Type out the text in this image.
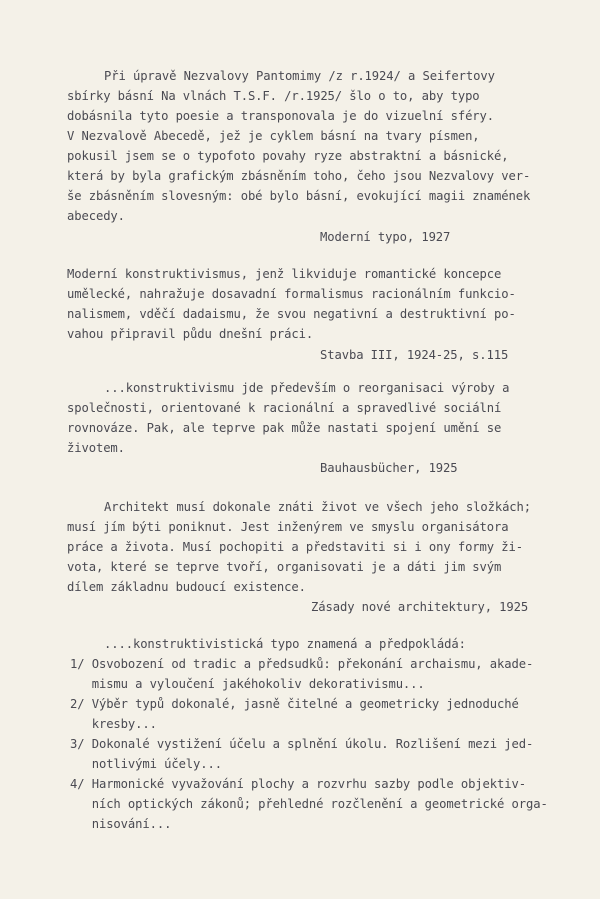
Při úpravě Nezvalovy Pantomimy /z r.1924/ a Seifertovy
sbírky básní Na vlnách T.S.F. /r.1925/ šlo o to, aby typo
dobásnila tyto poesie a transponovala je do vizuelní sféry.
V Nezvalově Abecedě, jež je cyklem básní na tvary písmen,
pokusil jsem se o typofoto povahy ryze abstraktní a básnické,
která by byla grafickým zbásněním toho, čeho jsou Nezvalovy ver-
še zbásněním slovesným: obé bylo básní, evokující magii znamének
abecedy.
Moderní typo, 1927
Moderní konstruktivismus, jenž likviduje romantické koncepce
umělecké, nahražuje dosavadní formalismus racionálním funkcio-
nalismem, vděčí dadaismu, že svou negativní a destruktivní po-
vahou připravil půdu dnešní práci.
Stavba III, 1924-25, s.115
...konstruktivismu jde především o reorganisaci výroby a
společnosti, orientované k racionální a spravedlivé sociální
rovnováze. Pak, ale teprve pak může nastati spojení umění se
životem.
Bauhausbücher, 1925
Architekt musí dokonale znáti život ve všech jeho složkách;
musí jím býti poniknut. Jest inženýrem ve smyslu organisátora
práce a života. Musí pochopiti a představiti si i ony formy ži-
vota, které se teprve tvoří, organisovati je a dáti jim svým
dílem základnu budoucí existence.
Zásady nové architektury, 1925
....konstruktivistická typo znamená a předpokládá:
1/ Osvobození od tradic a předsudků: překonání archaismu, akade-
mismu a vyloučení jakéhokoliv dekorativismu...
2/ Výběr typů dokonalé, jasně čitelné a geometricky jednoduché
kresby...
3/ Dokonalé vystižení účelu a splnění úkolu. Rozlišení mezi jed-
notlivými účely...
4/ Harmonické vyvažování plochy a rozvrhu sazby podle objektiv-
ních optických zákonů; přehledné rozčlenění a geometrické orga-
nisování...
